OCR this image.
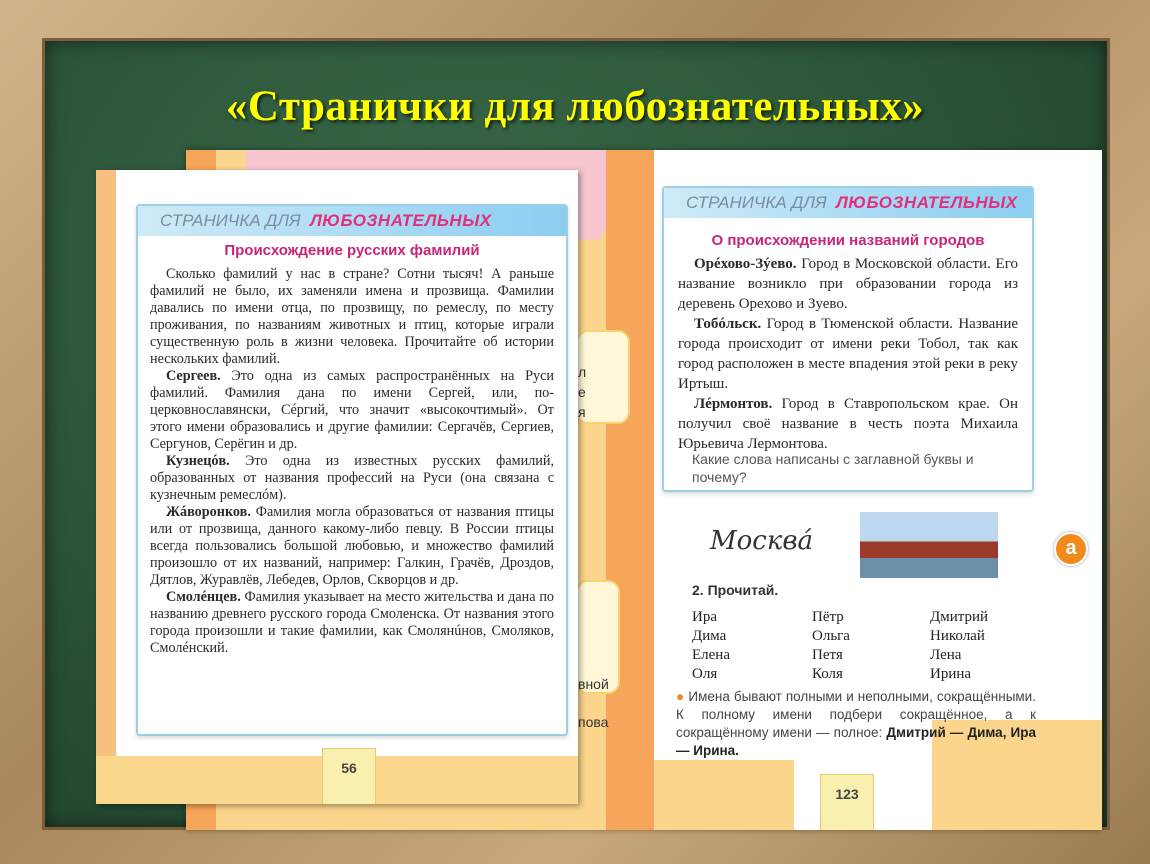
«Странички для любознательных»
л
е
я
вной
пова
СТРАНИЧКА ДЛЯ ЛЮБОЗНАТЕЛЬНЫХ
О происхождении названий городов

Орéхово-Зýево. Город в Московской области. Его название возникло при образовании города из деревень Орехово и Зуево.

Тобóльск. Город в Тюменской области. Название города происходит от имени реки Тобол, так как город расположен в месте впадения этой реки в реку Иртыш.

Лéрмонтов. Город в Ставропольском крае. Он получил своё название в честь поэта Михаила Юрьевича Лермонтова.

Какие слова написаны с заглавной буквы и почему?
Москвá	а
2. Прочитай.
Ира
Дима
Елена
Оля
Пётр
Ольга
Петя
Коля
Дмитрий
Николай
Лена
Ирина
● Имена бывают полными и неполными, сокращёнными. К полному имени подбери сокращённое, а к сокращённому имени — полное: Дмитрий — Дима, Ира — Ирина.
123
СТРАНИЧКА ДЛЯ ЛЮБОЗНАТЕЛЬНЫХ
Происхождение русских фамилий

Сколько фамилий у нас в стране? Сотни тысяч! А раньше фамилий не было, их заменяли имена и прозвища. Фамилии давались по имени отца, по прозвищу, по ремеслу, по месту проживания, по названиям животных и птиц, которые играли существенную роль в жизни человека. Прочитайте об истории нескольких фамилий.

Сергеев. Это одна из самых распространённых на Руси фамилий. Фамилия дана по имени Сергей, или, по-церковнославянски, Сéргий, что значит «высокочтимый». От этого имени образовались и другие фамилии: Сергачёв, Сергиев, Сергунов, Серёгин и др.

Кузнецóв. Это одна из известных русских фамилий, образованных от названия профессий на Руси (она связана с кузнечным ремеслóм).

Жáворонков. Фамилия могла образоваться от названия птицы или от прозвища, данного какому-либо певцу. В России птицы всегда пользовались большой любовью, и множество фамилий произошло от их названий, например: Галкин, Грачёв, Дроздов, Дятлов, Журавлёв, Лебедев, Орлов, Скворцов и др.

Смолéнцев. Фамилия указывает на место жительства и дана по названию древнего русского города Смоленска. От названия этого города произошли и такие фамилии, как Смолянúнов, Смоляков, Смолéнский.

56
